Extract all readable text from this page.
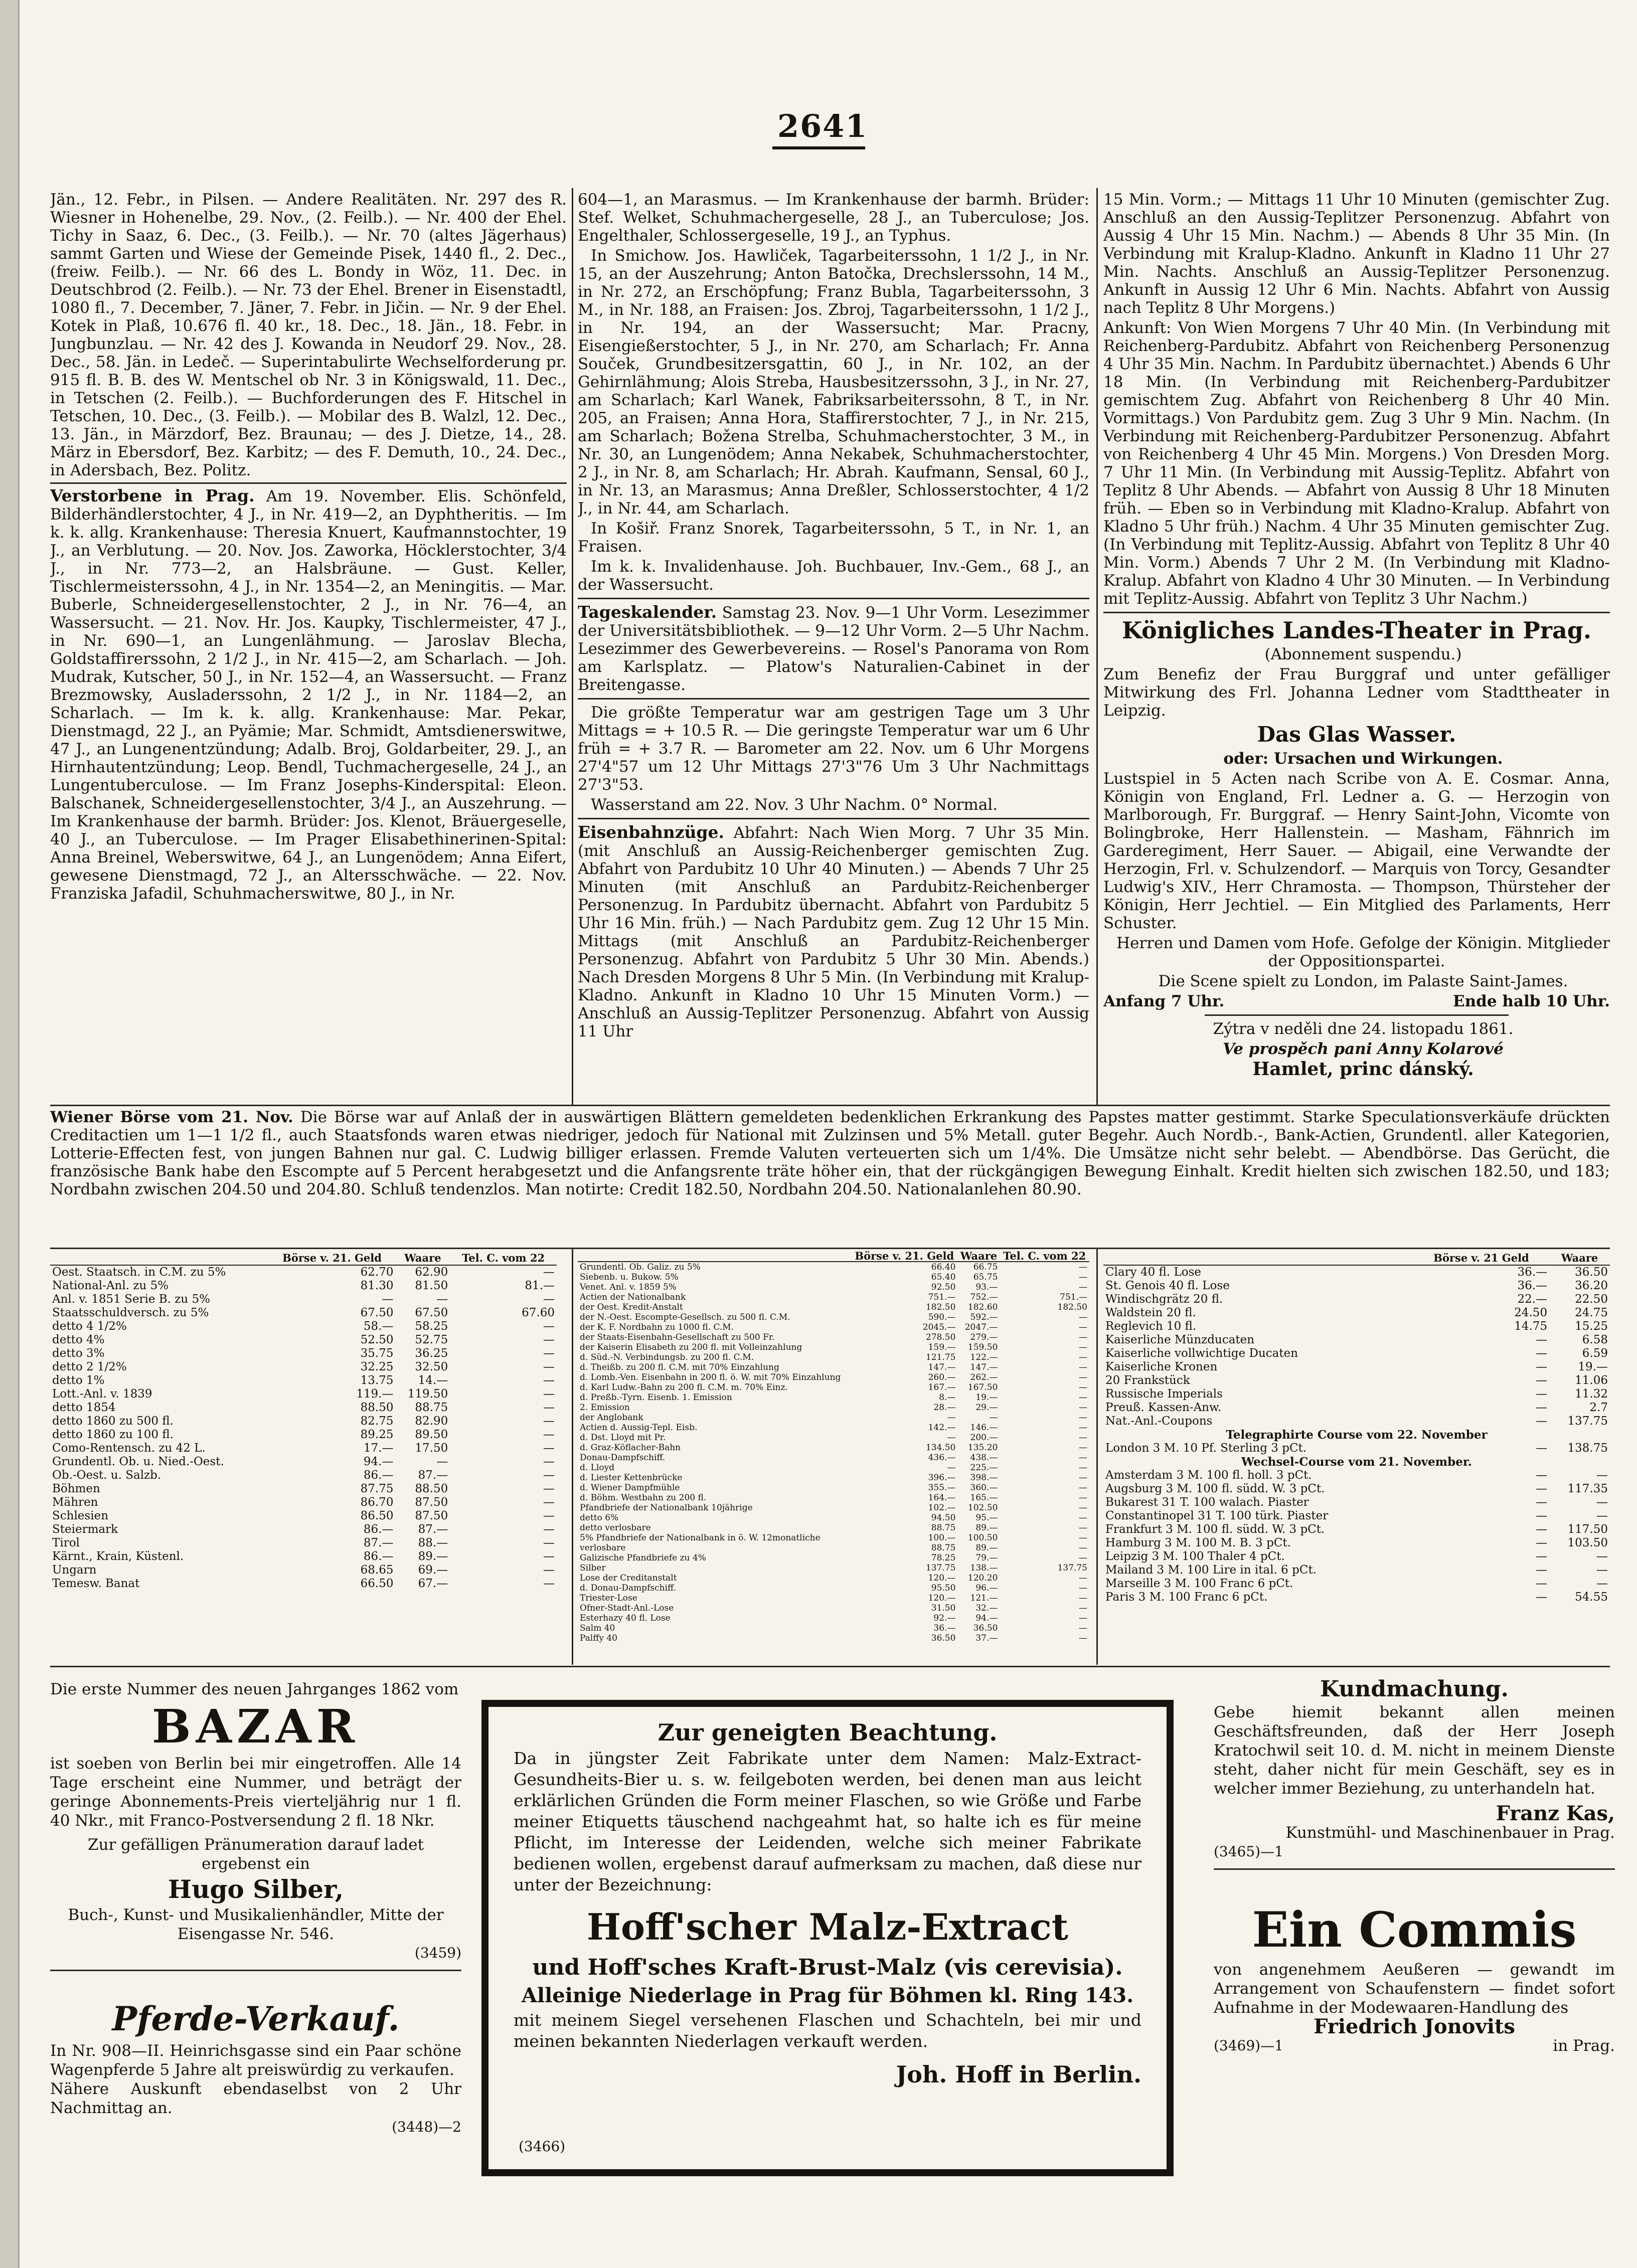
2641

Jän., 12. Febr., in Pilsen. — Andere Realitäten. Nr. 297 des R. Wiesner in Hohenelbe, 29. Nov., (2. Feilb.). — Nr. 400 der Ehel. Tichy in Saaz, 6. Dec., (3. Feilb.). — Nr. 70 (altes Jägerhaus) sammt Garten und Wiese der Gemeinde Pisek, 1440 fl., 2. Dec., (freiw. Feilb.). — Nr. 66 des L. Bondy in Wöz, 11. Dec. in Deutschbrod (2. Feilb.). — Nr. 73 der Ehel. Brener in Eisenstadtl, 1080 fl., 7. December, 7. Jäner, 7. Febr. in Jičin. — Nr. 9 der Ehel. Kotek in Plaß, 10.676 fl. 40 kr., 18. Dec., 18. Jän., 18. Febr. in Jungbunzlau. — Nr. 42 des J. Kowanda in Neudorf 29. Nov., 28. Dec., 58. Jän. in Ledeč. — Superintabulirte Wechselforderung pr. 915 fl. B. B. des W. Mentschel ob Nr. 3 in Königswald, 11. Dec., in Tetschen (2. Feilb.). — Buchforderungen des F. Hitschel in Tetschen, 10. Dec., (3. Feilb.). — Mobilar des B. Walzl, 12. Dec., 13. Jän., in Märzdorf, Bez. Braunau; — des J. Dietze, 14., 28. März in Ebersdorf, Bez. Karbitz; — des F. Demuth, 10., 24. Dec., in Adersbach, Bez. Politz.

Verstorbene in Prag. Am 19. November. Elis. Schönfeld, Bilderhändlerstochter, 4 J., in Nr. 419—2, an Dyphtheritis. — Im k. k. allg. Krankenhause: Theresia Knuert, Kaufmannstochter, 19 J., an Verblutung. — 20. Nov. Jos. Zaworka, Höcklerstochter, 3/4 J., in Nr. 773—2, an Halsbräune. — Gust. Keller, Tischlermeisterssohn, 4 J., in Nr. 1354—2, an Meningitis. — Mar. Buberle, Schneidergesellenstochter, 2 J., in Nr. 76—4, an Wassersucht. — 21. Nov. Hr. Jos. Kaupky, Tischlermeister, 47 J., in Nr. 690—1, an Lungenlähmung. — Jaroslav Blecha, Goldstaffirerssohn, 2 1/2 J., in Nr. 415—2, am Scharlach. — Joh. Mudrak, Kutscher, 50 J., in Nr. 152—4, an Wassersucht. — Franz Brezmowsky, Ausladerssohn, 2 1/2 J., in Nr. 1184—2, an Scharlach. — Im k. k. allg. Krankenhause: Mar. Pekar, Dienstmagd, 22 J., an Pyämie; Mar. Schmidt, Amtsdienerswitwe, 47 J., an Lungenentzündung; Adalb. Broj, Goldarbeiter, 29. J., an Hirnhautentzündung; Leop. Bendl, Tuchmachergeselle, 24 J., an Lungentuberculose. — Im Franz Josephs-Kinderspital: Eleon. Balschanek, Schneidergesellenstochter, 3/4 J., an Auszehrung. — Im Krankenhause der barmh. Brüder: Jos. Klenot, Bräuergeselle, 40 J., an Tuberculose. — Im Prager Elisabethinerinen-Spital: Anna Breinel, Weberswitwe, 64 J., an Lungenödem; Anna Eifert, gewesene Dienstmagd, 72 J., an Altersschwäche. — 22. Nov. Franziska Jafadil, Schuhmacherswitwe, 80 J., in Nr.

604—1, an Marasmus. — Im Krankenhause der barmh. Brüder: Stef. Welket, Schuhmachergeselle, 28 J., an Tuberculose; Jos. Engelthaler, Schlossergeselle, 19 J., an Typhus.

In Smichow. Jos. Hawliček, Tagarbeiterssohn, 1 1/2 J., in Nr. 15, an der Auszehrung; Anton Batočka, Drechslerssohn, 14 M., in Nr. 272, an Erschöpfung; Franz Bubla, Tagarbeiterssohn, 3 M., in Nr. 188, an Fraisen: Jos. Zbroj, Tagarbeiterssohn, 1 1/2 J., in Nr. 194, an der Wassersucht; Mar. Pracny, Eisengießerstochter, 5 J., in Nr. 270, am Scharlach; Fr. Anna Souček, Grundbesitzersgattin, 60 J., in Nr. 102, an der Gehirnlähmung; Alois Streba, Hausbesitzerssohn, 3 J., in Nr. 27, am Scharlach; Karl Wanek, Fabriksarbeiterssohn, 8 T., in Nr. 205, an Fraisen; Anna Hora, Staffirerstochter, 7 J., in Nr. 215, am Scharlach; Božena Strelba, Schuhmacherstochter, 3 M., in Nr. 30, an Lungenödem; Anna Nekabek, Schuhmacherstochter, 2 J., in Nr. 8, am Scharlach; Hr. Abrah. Kaufmann, Sensal, 60 J., in Nr. 13, an Marasmus; Anna Dreßler, Schlosserstochter, 4 1/2 J., in Nr. 44, am Scharlach.

In Košiř. Franz Snorek, Tagarbeiterssohn, 5 T., in Nr. 1, an Fraisen.

Im k. k. Invalidenhause. Joh. Buchbauer, Inv.-Gem., 68 J., an der Wassersucht.

Tageskalender. Samstag 23. Nov. 9—1 Uhr Vorm. Lesezimmer der Universitätsbibliothek. — 9—12 Uhr Vorm. 2—5 Uhr Nachm. Lesezimmer des Gewerbevereins. — Rosel's Panorama von Rom am Karlsplatz. — Platow's Naturalien-Cabinet in der Breitengasse.

Die größte Temperatur war am gestrigen Tage um 3 Uhr Mittags = + 10.5 R. — Die geringste Temperatur war um 6 Uhr früh = + 3.7 R. — Barometer am 22. Nov. um 6 Uhr Morgens 27'4"57 um 12 Uhr Mittags 27'3"76 Um 3 Uhr Nachmittags 27'3"53.

Wasserstand am 22. Nov. 3 Uhr Nachm. 0° Normal.

Eisenbahnzüge. Abfahrt: Nach Wien Morg. 7 Uhr 35 Min. (mit Anschluß an Aussig-Reichenberger gemischten Zug. Abfahrt von Pardubitz 10 Uhr 40 Minuten.) — Abends 7 Uhr 25 Minuten (mit Anschluß an Pardubitz-Reichenberger Personenzug. In Pardubitz übernacht. Abfahrt von Pardubitz 5 Uhr 16 Min. früh.) — Nach Pardubitz gem. Zug 12 Uhr 15 Min. Mittags (mit Anschluß an Pardubitz-Reichenberger Personenzug. Abfahrt von Pardubitz 5 Uhr 30 Min. Abends.) Nach Dresden Morgens 8 Uhr 5 Min. (In Verbindung mit Kralup-Kladno. Ankunft in Kladno 10 Uhr 15 Minuten Vorm.) — Anschluß an Aussig-Teplitzer Personenzug. Abfahrt von Aussig 11 Uhr

15 Min. Vorm.; — Mittags 11 Uhr 10 Minuten (gemischter Zug. Anschluß an den Aussig-Teplitzer Personenzug. Abfahrt von Aussig 4 Uhr 15 Min. Nachm.) — Abends 8 Uhr 35 Min. (In Verbindung mit Kralup-Kladno. Ankunft in Kladno 11 Uhr 27 Min. Nachts. Anschluß an Aussig-Teplitzer Personenzug. Ankunft in Aussig 12 Uhr 6 Min. Nachts. Abfahrt von Aussig nach Teplitz 8 Uhr Morgens.)

Ankunft: Von Wien Morgens 7 Uhr 40 Min. (In Verbindung mit Reichenberg-Pardubitz. Abfahrt von Reichenberg Personenzug 4 Uhr 35 Min. Nachm. In Pardubitz übernachtet.) Abends 6 Uhr 18 Min. (In Verbindung mit Reichenberg-Pardubitzer gemischtem Zug. Abfahrt von Reichenberg 8 Uhr 40 Min. Vormittags.) Von Pardubitz gem. Zug 3 Uhr 9 Min. Nachm. (In Verbindung mit Reichenberg-Pardubitzer Personenzug. Abfahrt von Reichenberg 4 Uhr 45 Min. Morgens.) Von Dresden Morg. 7 Uhr 11 Min. (In Verbindung mit Aussig-Teplitz. Abfahrt von Teplitz 8 Uhr Abends. — Abfahrt von Aussig 8 Uhr 18 Minuten früh. — Eben so in Verbindung mit Kladno-Kralup. Abfahrt von Kladno 5 Uhr früh.) Nachm. 4 Uhr 35 Minuten gemischter Zug. (In Verbindung mit Teplitz-Aussig. Abfahrt von Teplitz 8 Uhr 40 Min. Vorm.) Abends 7 Uhr 2 M. (In Verbindung mit Kladno-Kralup. Abfahrt von Kladno 4 Uhr 30 Minuten. — In Verbindung mit Teplitz-Aussig. Abfahrt von Teplitz 3 Uhr Nachm.)

Königliches Landes-Theater in Prag.

(Abonnement suspendu.)

Zum Benefiz der Frau Burggraf und unter gefälliger Mitwirkung des Frl. Johanna Ledner vom Stadttheater in Leipzig.

Das Glas Wasser.

oder: Ursachen und Wirkungen.

Lustspiel in 5 Acten nach Scribe von A. E. Cosmar. Anna, Königin von England, Frl. Ledner a. G. — Herzogin von Marlborough, Fr. Burggraf. — Henry Saint-John, Vicomte von Bolingbroke, Herr Hallenstein. — Masham, Fähnrich im Garderegiment, Herr Sauer. — Abigail, eine Verwandte der Herzogin, Frl. v. Schulzendorf. — Marquis von Torcy, Gesandter Ludwig's XIV., Herr Chramosta. — Thompson, Thürsteher der Königin, Herr Jechtiel. — Ein Mitglied des Parlaments, Herr Schuster.

Herren und Damen vom Hofe. Gefolge der Königin. Mitglieder der Oppositionspartei.

Die Scene spielt zu London, im Palaste Saint-James.

Anfang 7 Uhr.	Ende halb 10 Uhr.

Zýtra v neděli dne 24. listopadu 1861.

Ve prospěch pani Anny Kolarové

Hamlet, princ dánský.

Wiener Börse vom 21. Nov. Die Börse war auf Anlaß der in auswärtigen Blättern gemeldeten bedenklichen Erkrankung des Papstes matter gestimmt. Starke Speculationsverkäufe drückten Creditactien um 1—1 1/2 fl., auch Staatsfonds waren etwas niedriger, jedoch für National mit Zulzinsen und 5% Metall. guter Begehr. Auch Nordb.-, Bank-Actien, Grundentl. aller Kategorien, Lotterie-Effecten fest, von jungen Bahnen nur gal. C. Ludwig billiger erlassen. Fremde Valuten verteuerten sich um 1/4%. Die Umsätze nicht sehr belebt. — Abendbörse. Das Gerücht, die französische Bank habe den Escompte auf 5 Percent herabgesetzt und die Anfangsrente träte höher ein, that der rückgängigen Bewegung Einhalt. Kredit hielten sich zwischen 182.50, und 183; Nordbahn zwischen 204.50 und 204.80. Schluß tendenzlos. Man notirte: Credit 182.50, Nordbahn 204.50. Nationalanlehen 80.90.
	Börse v. 21. Geld	Waare	Tel. C. vom 22
Oest. Staatsch. in C.M. zu 5%	62.70	62.90	—
National-Anl. zu 5%	81.30	81.50	81.—
Anl. v. 1851 Serie B. zu 5%	—	—	—
Staatsschuldversch. zu 5%	67.50	67.50	67.60
detto 4 1/2%	58.—	58.25	—
detto 4%	52.50	52.75	—
detto 3%	35.75	36.25	—
detto 2 1/2%	32.25	32.50	—
detto 1%	13.75	14.—	—
Lott.-Anl. v. 1839	119.—	119.50	—
detto 1854	88.50	88.75	—
detto 1860 zu 500 fl.	82.75	82.90	—
detto 1860 zu 100 fl.	89.25	89.50	—
Como-Rentensch. zu 42 L.	17.—	17.50	—
Grundentl. Ob. u. Nied.-Oest.	94.—	—	—
Ob.-Oest. u. Salzb.	86.—	87.—	—
Böhmen	87.75	88.50	—
Mähren	86.70	87.50	—
Schlesien	86.50	87.50	—
Steiermark	86.—	87.—	—
Tirol	87.—	88.—	—
Kärnt., Krain, Küstenl.	86.—	89.—	—
Ungarn	68.65	69.—	—
Temesw. Banat	66.50	67.—	—
	Börse v. 21. Geld	Waare	Tel. C. vom 22
Grundentl. Ob. Galiz. zu 5%	66.40	66.75	—
Siebenb. u. Bukow. 5%	65.40	65.75	—
Venet. Anl. v. 1859 5%	92.50	93.—	—
Actien der Nationalbank	751.—	752.—	751.—
der Oest. Kredit-Anstalt	182.50	182.60	182.50
der N.-Oest. Escompte-Gesellsch. zu 500 fl. C.M.	590.—	592.—	—
der K. F. Nordbahn zu 1000 fl. C.M.	2045.—	2047.—	—
der Staats-Eisenbahn-Gesellschaft zu 500 Fr.	278.50	279.—	—
der Kaiserin Elisabeth zu 200 fl. mit Volleinzahlung	159.—	159.50	—
d. Süd.-N. Verbindungsb. zu 200 fl. C.M.	121.75	122.—	—
d. Theißb. zu 200 fl. C.M. mit 70% Einzahlung	147.—	147.—	—
d. Lomb.-Ven. Eisenbahn in 200 fl. ö. W. mit 70% Einzahlung	260.—	262.—	—
d. Karl Ludw.-Bahn zu 200 fl. C.M. m. 70% Einz.	167.—	167.50	—
d. Preßb.-Tyrn. Eisenb. 1. Emission	8.—	19.—	—
2. Emission	28.—	29.—	—
der Anglobank	—	—	—
Actien d. Aussig-Tepl. Eisb.	142.—	146.—	—
d. Dst. Lloyd mit Pr.	—	200.—	—
d. Graz-Köflacher-Bahn	134.50	135.20	—
Donau-Dampfschiff.	436.—	438.—	—
d. Lloyd	—	225.—	—
d. Liester Kettenbrücke	396.—	398.—	—
d. Wiener Dampfmühle	355.—	360.—	—
d. Böhm. Westbahn zu 200 fl.	164.—	165.—	—
Pfandbriefe der Nationalbank 10jährige	102.—	102.50	—
detto 6%	94.50	95.—	—
detto verlosbare	88.75	89.—	—
5% Pfandbriefe der Nationalbank in ö. W. 12monatliche	100.—	100.50	—
verlosbare	88.75	89.—	—
Galizische Pfandbriefe zu 4%	78.25	79.—	—
Silber	137.75	138.—	137.75
Lose der Creditanstalt	120.—	120.20	—
d. Donau-Dampfschiff.	95.50	96.—	—
Triester-Lose	120.—	121.—	—
Ofner-Stadt-Anl.-Lose	31.50	32.—	—
Esterhazy 40 fl. Lose	92.—	94.—	—
Salm 40	36.—	36.50	—
Palffy 40	36.50	37.—	—
	Börse v. 21 Geld	Waare
Clary 40 fl. Lose	36.—	36.50
St. Genois 40 fl. Lose	36.—	36.20
Windischgrätz 20 fl.	22.—	22.50
Waldstein 20 fl.	24.50	24.75
Reglevich 10 fl.	14.75	15.25
Kaiserliche Münzducaten	—	6.58
Kaiserliche vollwichtige Ducaten	—	6.59
Kaiserliche Kronen	—	19.—
20 Frankstück	—	11.06
Russische Imperials	—	11.32
Preuß. Kassen-Anw.	—	2.7
Nat.-Anl.-Coupons	—	137.75
Telegraphirte Course vom 22. November		
London 3 M. 10 Pf. Sterling 3 pCt.	—	138.75
Wechsel-Course vom 21. November.		
Amsterdam 3 M. 100 fl. holl. 3 pCt.	—	—
Augsburg 3 M. 100 fl. südd. W. 3 pCt.	—	117.35
Bukarest 31 T. 100 walach. Piaster	—	—
Constantinopel 31 T. 100 türk. Piaster	—	—
Frankfurt 3 M. 100 fl. südd. W. 3 pCt.	—	117.50
Hamburg 3 M. 100 M. B. 3 pCt.	—	103.50
Leipzig 3 M. 100 Thaler 4 pCt.	—	—
Mailand 3 M. 100 Lire in ital. 6 pCt.	—	—
Marseille 3 M. 100 Franc 6 pCt.	—	—
Paris 3 M. 100 Franc 6 pCt.	—	54.55
Die erste Nummer des neuen Jahrganges 1862 vom
BAZAR
ist soeben von Berlin bei mir eingetroffen. Alle 14 Tage erscheint eine Nummer, und beträgt der geringe Abonnements-Preis vierteljährig nur 1 fl. 40 Nkr., mit Franco-Postversendung 2 fl. 18 Nkr.
Zur gefälligen Pränumeration darauf ladet ergebenst ein
Hugo Silber,
Buch-, Kunst- und Musikalienhändler, Mitte der Eisengasse Nr. 546.
(3459)
Pferde-Verkauf.
In Nr. 908—II. Heinrichsgasse sind ein Paar schöne Wagenpferde 5 Jahre alt preiswürdig zu verkaufen.
Nähere Auskunft ebendaselbst von 2 Uhr Nachmittag an.
(3448)—2
Zur geneigten Beachtung.
Da in jüngster Zeit Fabrikate unter dem Namen: Malz-Extract-Gesundheits-Bier u. s. w. feilgeboten werden, bei denen man aus leicht erklärlichen Gründen die Form meiner Flaschen, so wie Größe und Farbe meiner Etiquetts täuschend nachgeahmt hat, so halte ich es für meine Pflicht, im Interesse der Leidenden, welche sich meiner Fabrikate bedienen wollen, ergebenst darauf aufmerksam zu machen, daß diese nur unter der Bezeichnung:
Hoff'scher Malz-Extract
und Hoff'sches Kraft-Brust-Malz (vis cerevisia).
Alleinige Niederlage in Prag für Böhmen kl. Ring 143.
mit meinem Siegel versehenen Flaschen und Schachteln, bei mir und meinen bekannten Niederlagen verkauft werden.
Joh. Hoff in Berlin.
(3466)
Kundmachung.
Gebe hiemit bekannt allen meinen Geschäftsfreunden, daß der Herr Joseph Kratochwil seit 10. d. M. nicht in meinem Dienste steht, daher nicht für mein Geschäft, sey es in welcher immer Beziehung, zu unterhandeln hat.
Franz Kas,
Kunstmühl- und Maschinenbauer in Prag.
(3465)—1
Ein Commis
von angenehmem Aeußeren — gewandt im Arrangement von Schaufenstern — findet sofort Aufnahme in der Modewaaren-Handlung des
Friedrich Jonovits
(3469)—1	in Prag.
